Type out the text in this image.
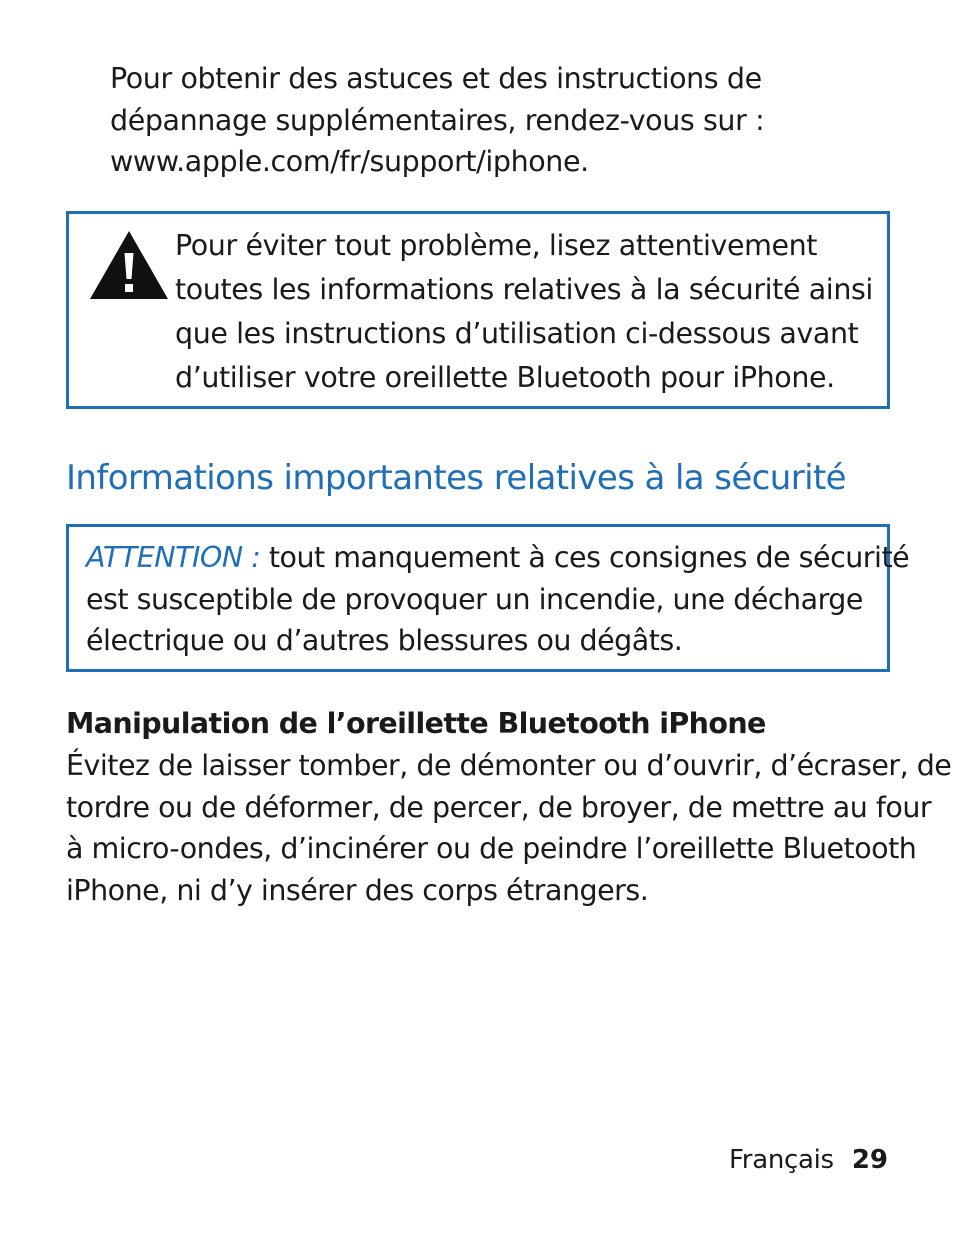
Pour obtenir des astuces et des instructions de
dépannage supplémentaires, rendez-vous sur :
www.apple.com/fr/support/iphone.
Pour éviter tout problème, lisez attentivement
toutes les informations relatives à la sécurité ainsi
que les instructions d’utilisation ci-dessous avant
d’utiliser votre oreillette Bluetooth pour iPhone.
Informations importantes relatives à la sécurité
ATTENTION : tout manquement à ces consignes de sécurité
est susceptible de provoquer un incendie, une décharge
électrique ou d’autres blessures ou dégâts.
Manipulation de l’oreillette Bluetooth iPhone
Évitez de laisser tomber, de démonter ou d’ouvrir, d’écraser, de
tordre ou de déformer, de percer, de broyer, de mettre au four
à micro-ondes, d’incinérer ou de peindre l’oreillette Bluetooth
iPhone, ni d’y insérer des corps étrangers.
Français 29
